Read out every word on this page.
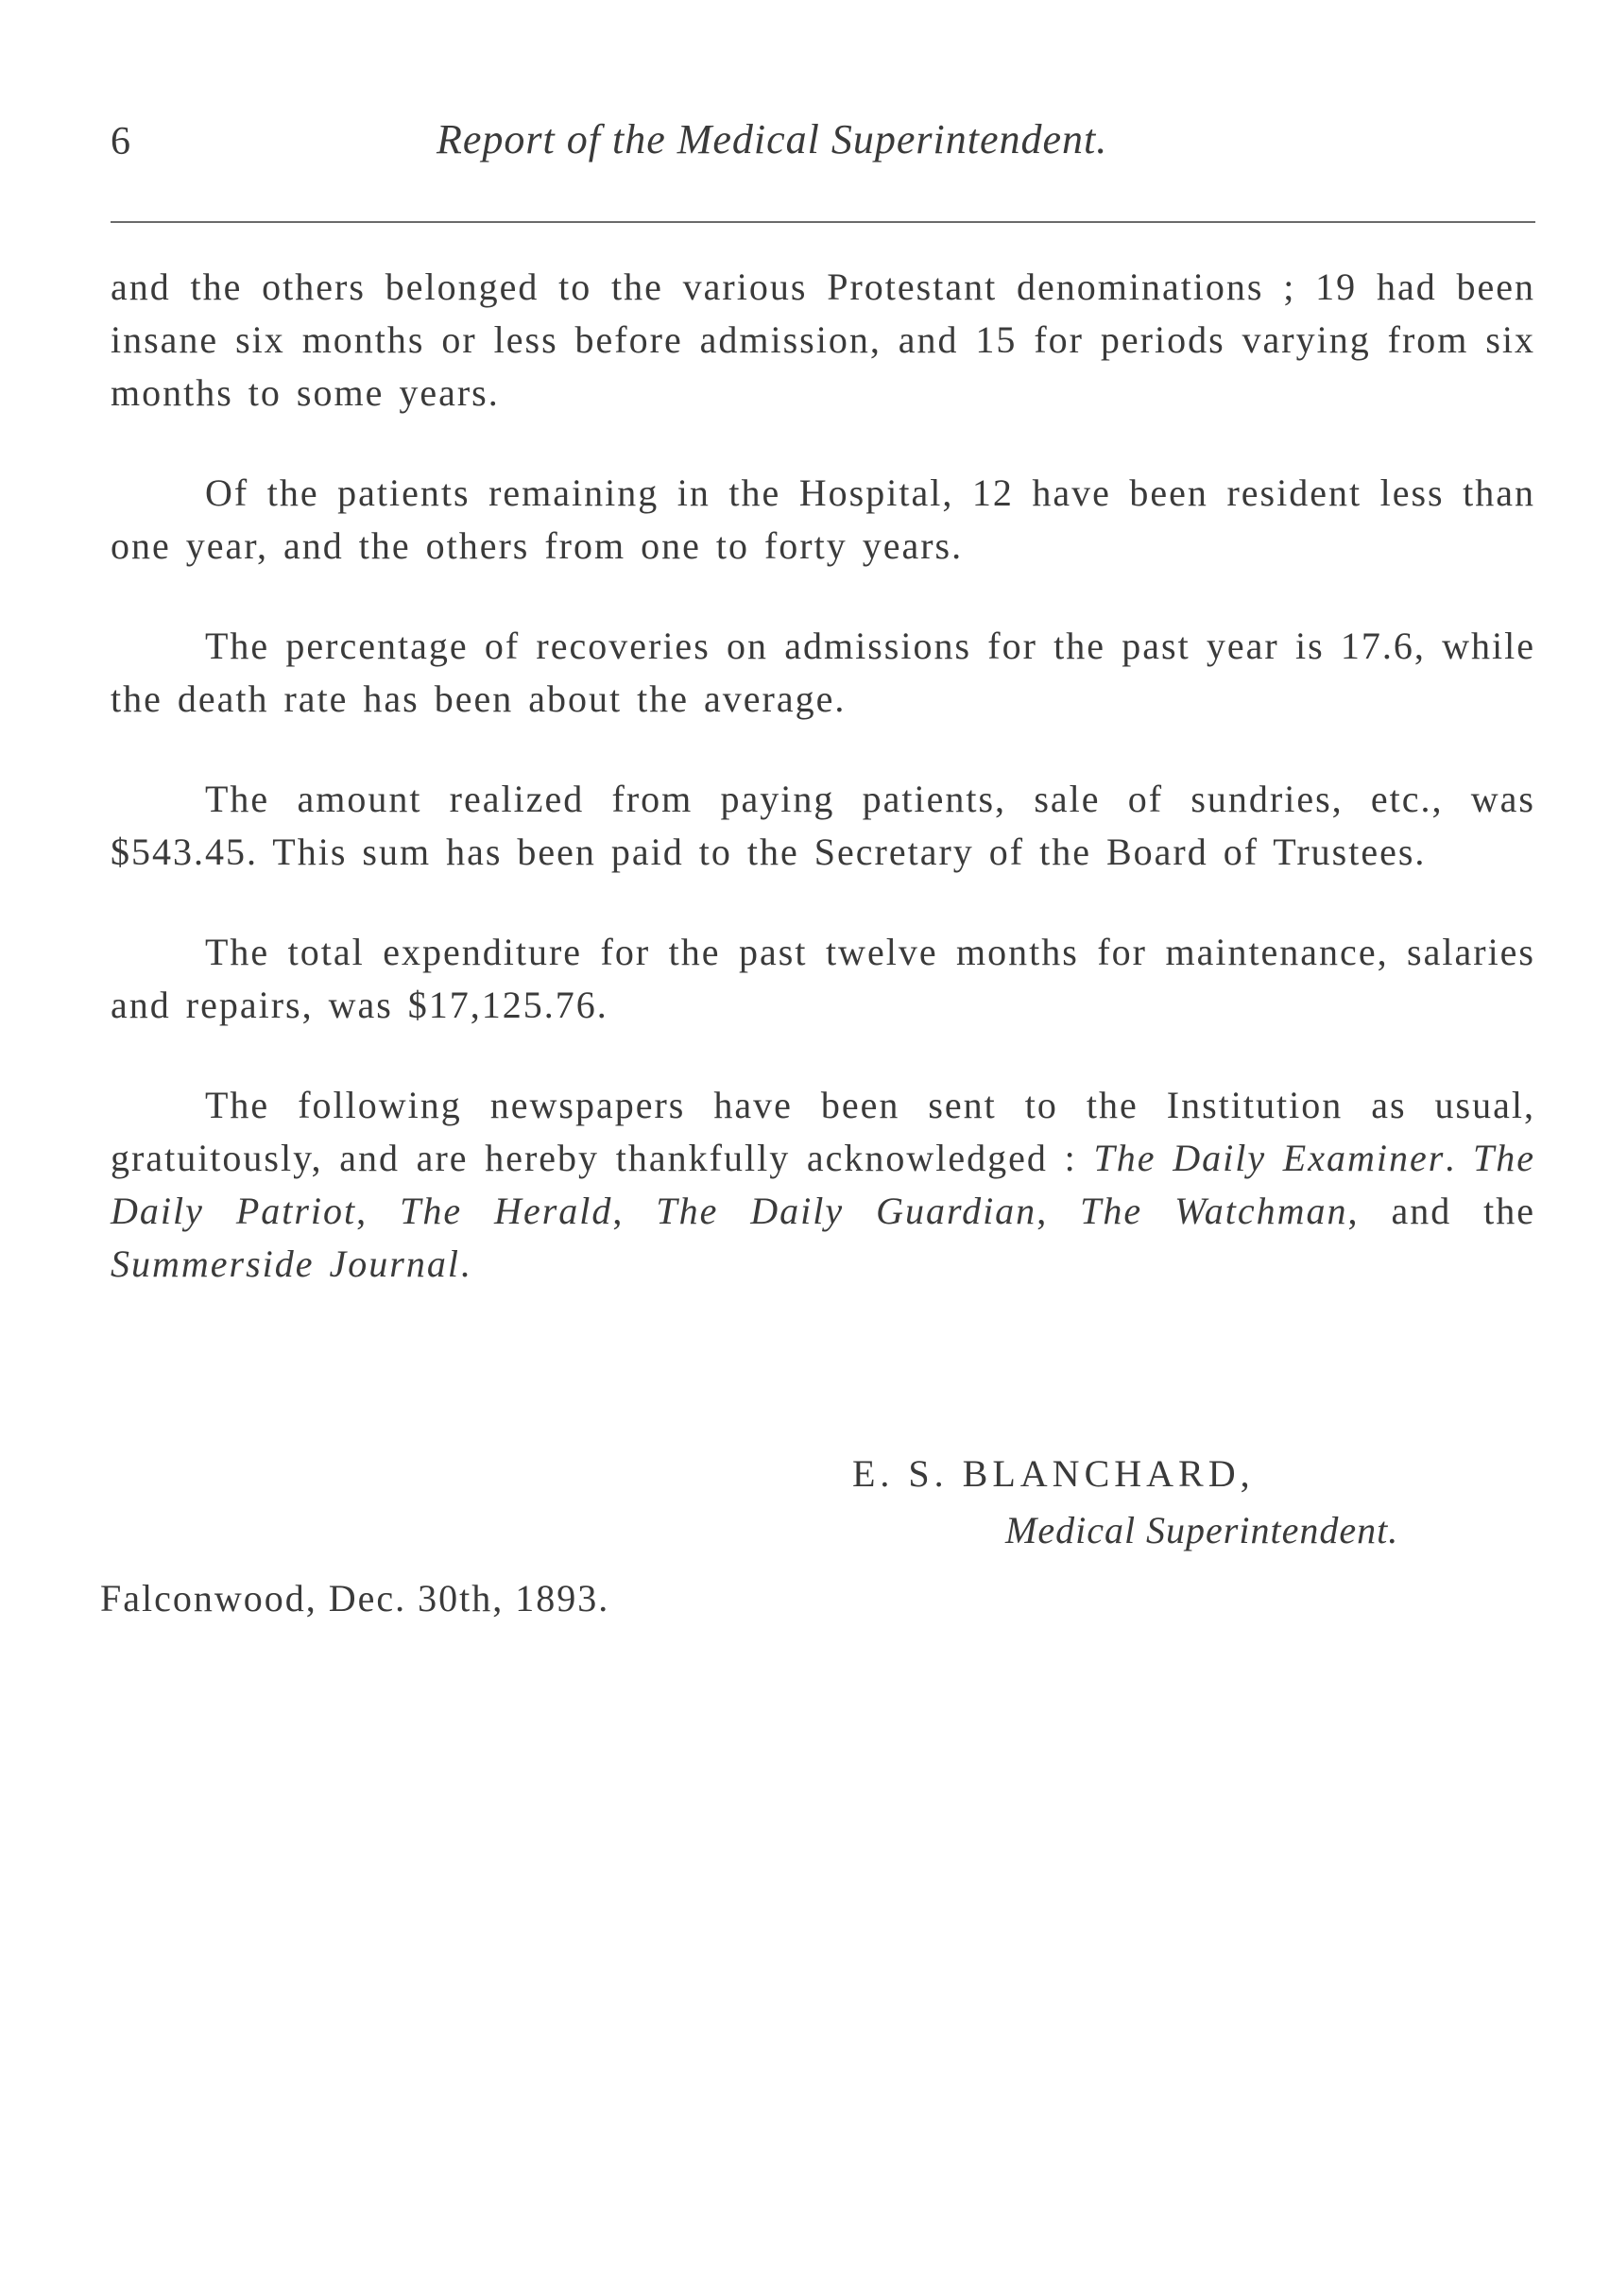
6	Report of the Medical Superintendent.

and the others belonged to the various Protestant denominations ; 19 had been insane six months or less before admission, and 15 for periods varying from six months to some years.

Of the patients remaining in the Hospital, 12 have been resident less than one year, and the others from one to forty years.

The percentage of recoveries on admissions for the past year is 17.6, while the death rate has been about the average.

The amount realized from paying patients, sale of sundries, etc., was $543.45. This sum has been paid to the Secretary of the Board of Trustees.

The total expenditure for the past twelve months for maintenance, salaries and repairs, was $17,125.76.

The following newspapers have been sent to the Institution as usual, gratuitously, and are hereby thankfully acknowledged : The Daily Examiner. The Daily Patriot, The Herald, The Daily Guardian, The Watchman, and the Summerside Journal.

E. S. BLANCHARD,
Medical Superintendent.
Falconwood, Dec. 30th, 1893.
